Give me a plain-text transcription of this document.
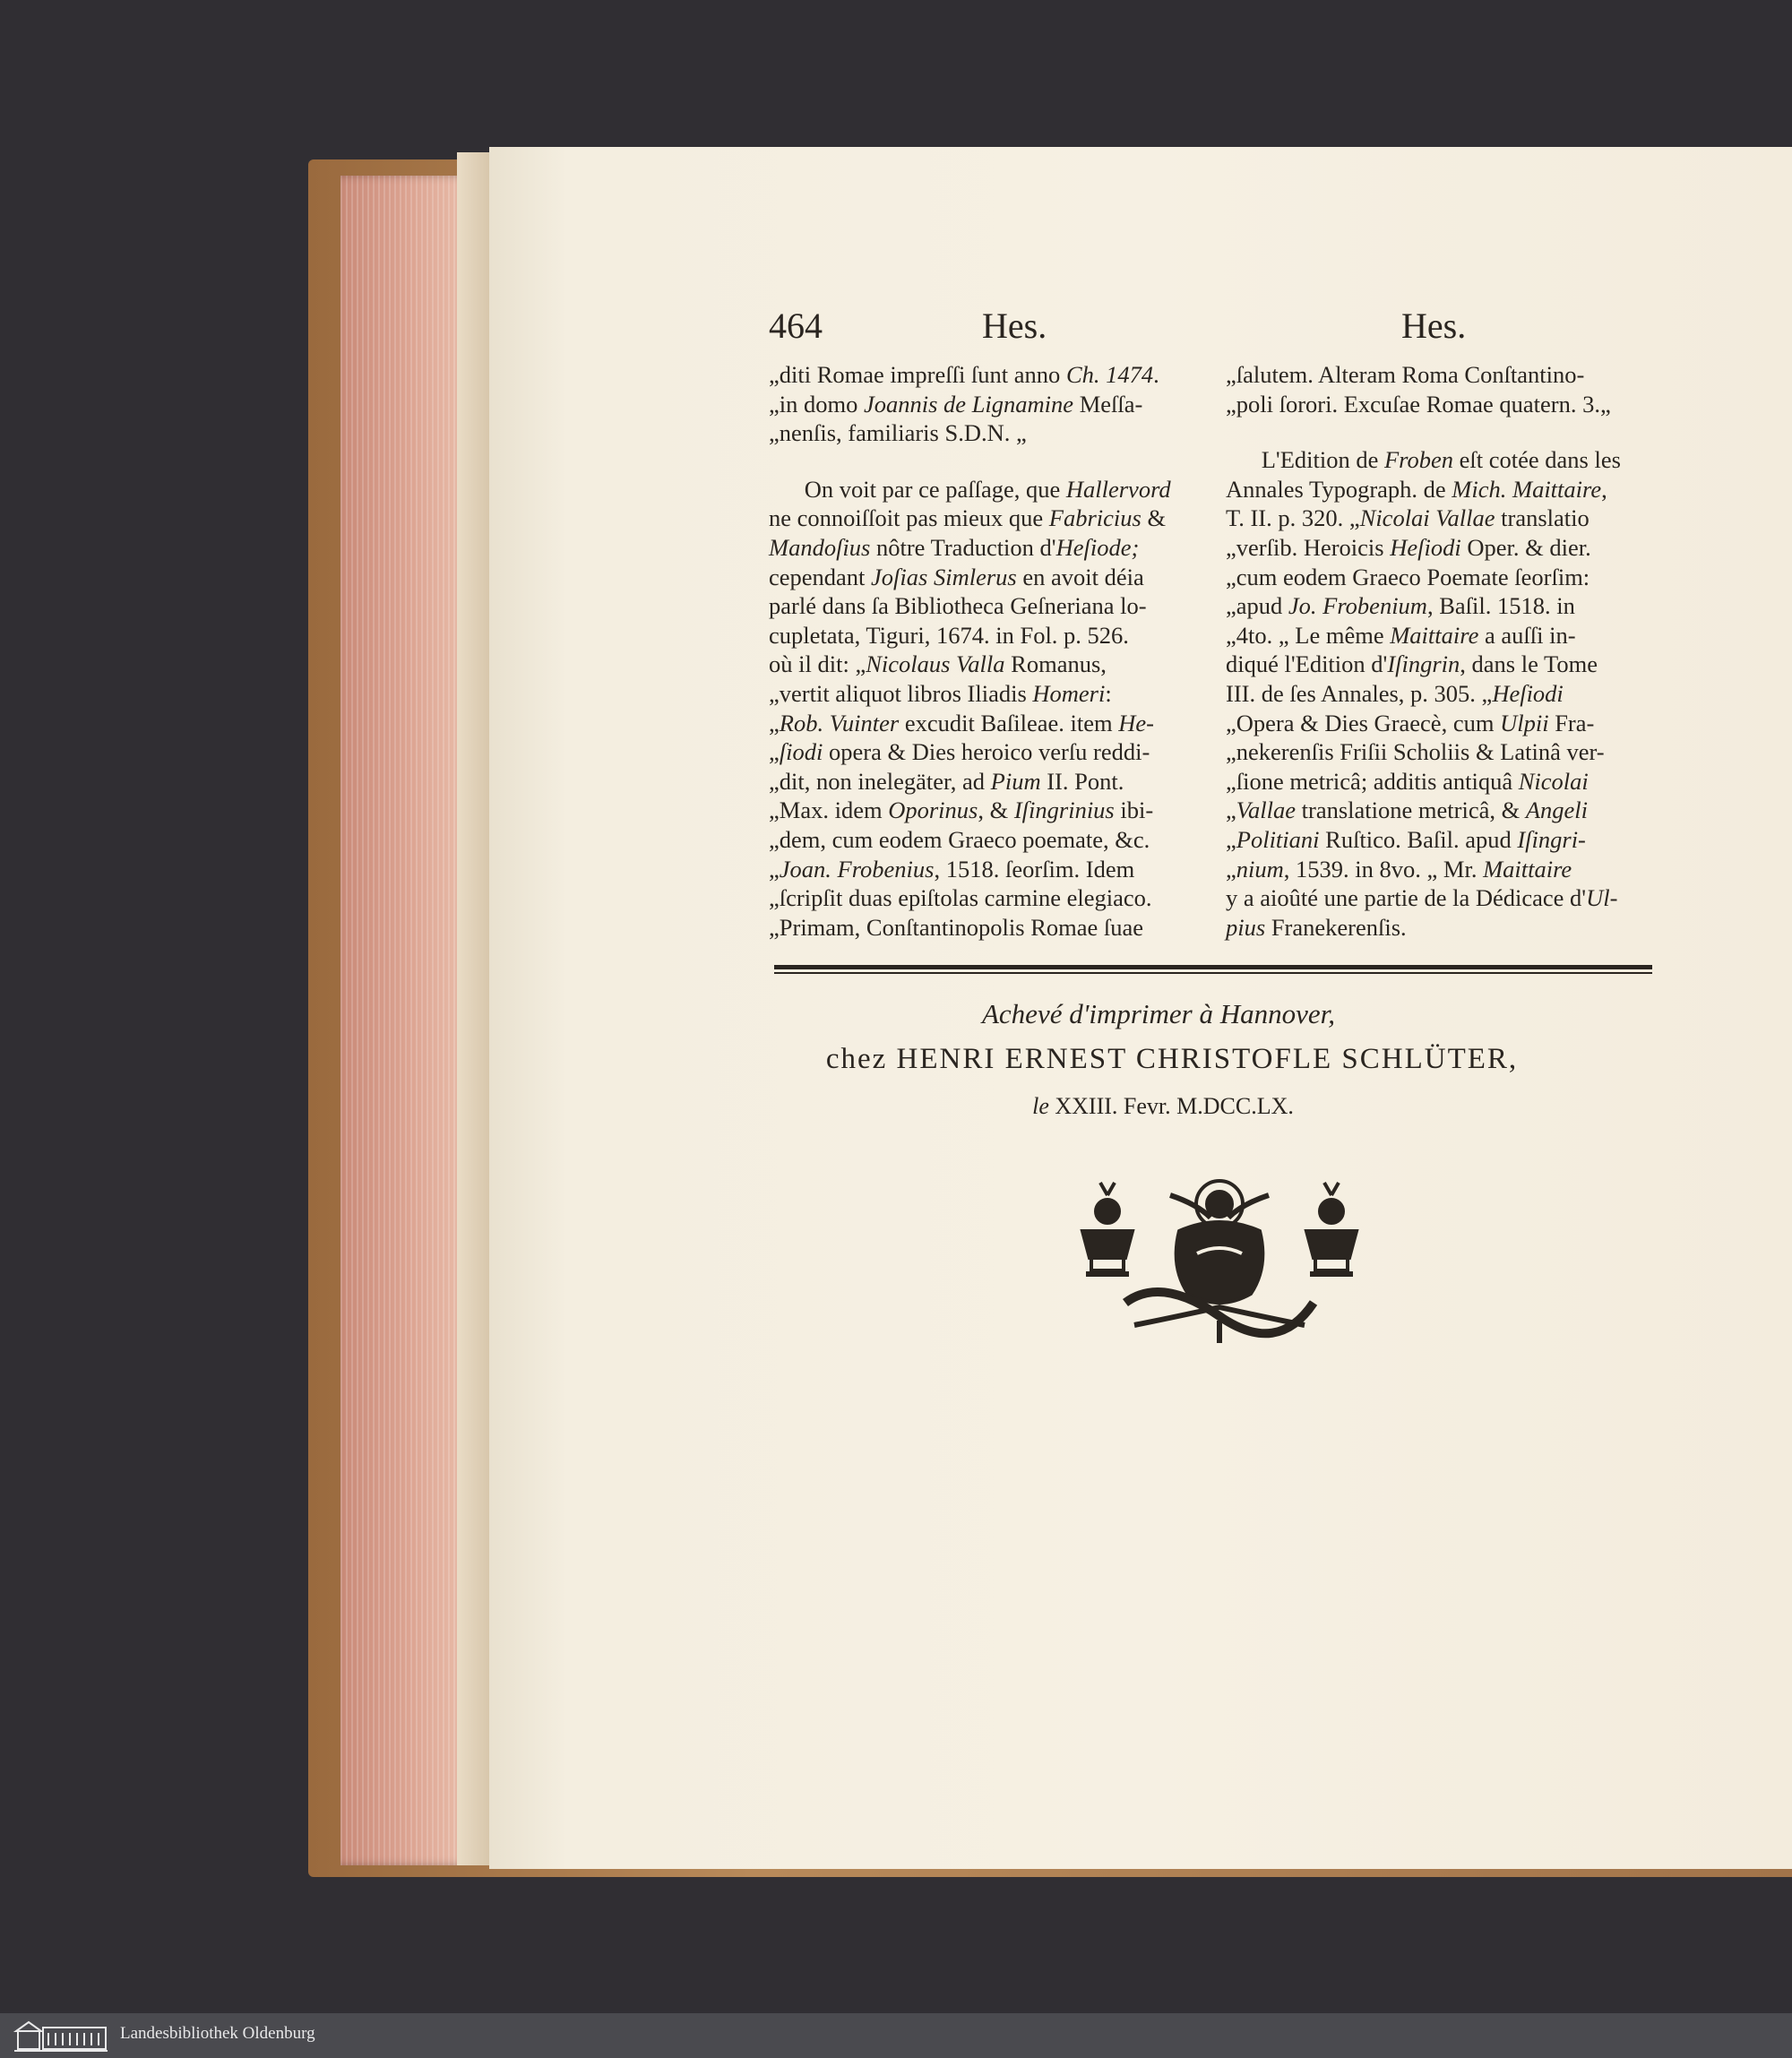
464	Hes.	Hes.
„diti Romae impreſſi ſunt anno Ch. 1474.
„in domo Joannis de Lignamine Meſſa-
„nenſis, familiaris S.D.N. „
  On voit par ce paſſage, que Hallervord
ne connoiſſoit pas mieux que Fabricius &
Mandoſius nôtre Traduction d'Heſiode;
cependant Joſias Simlerus en avoit déia
parlé dans ſa Bibliotheca Geſneriana lo-
cupletata, Tiguri, 1674. in Fol. p. 526.
où il dit: „Nicolaus Valla Romanus,
„vertit aliquot libros Iliadis Homeri:
„Rob. Vuinter excudit Baſileae. item He-
„ſiodi opera & Dies heroico verſu reddi-
„dit, non inelegäter, ad Pium II. Pont.
„Max. idem Oporinus, & Iſingrinius ibi-
„dem, cum eodem Graeco poemate, &c.
„Joan. Frobenius, 1518. ſeorſim. Idem
„ſcripſit duas epiſtolas carmine elegiaco.
„Primam, Conſtantinopolis Romae ſuae
„ſalutem. Alteram Roma Conſtantino-
„poli ſorori. Excuſae Romae quatern. 3.„
  L'Edition de Froben eſt cotée dans les
Annales Typograph. de Mich. Maittaire,
T. II. p. 320. „Nicolai Vallae translatio
„verſib. Heroicis Heſiodi Oper. & dier.
„cum eodem Graeco Poemate ſeorſim:
„apud Jo. Frobenium, Baſil. 1518. in
„4to. „ Le même Maittaire a auſſi in-
diqué l'Edition d'Iſingrin, dans le Tome
III. de ſes Annales, p. 305. „Heſiodi
„Opera & Dies Graecè, cum Ulpii Fra-
„nekerenſis Friſii Scholiis & Latinâ ver-
„ſione metricâ; additis antiquâ Nicolai
„Vallae translatione metricâ, & Angeli
„Politiani Ruſtico. Baſil. apud Iſingri-
„nium, 1539. in 8vo. „ Mr. Maittaire
y a aioûté une partie de la Dédicace d'Ul-
pius Franekerenſis.
Achevé d'imprimer à Hannover,
chez HENRI ERNEST CHRISTOFLE SCHLÜTER,
le XXIII. Fevr. M.DCC.LX.
Landesbibliothek Oldenburg
